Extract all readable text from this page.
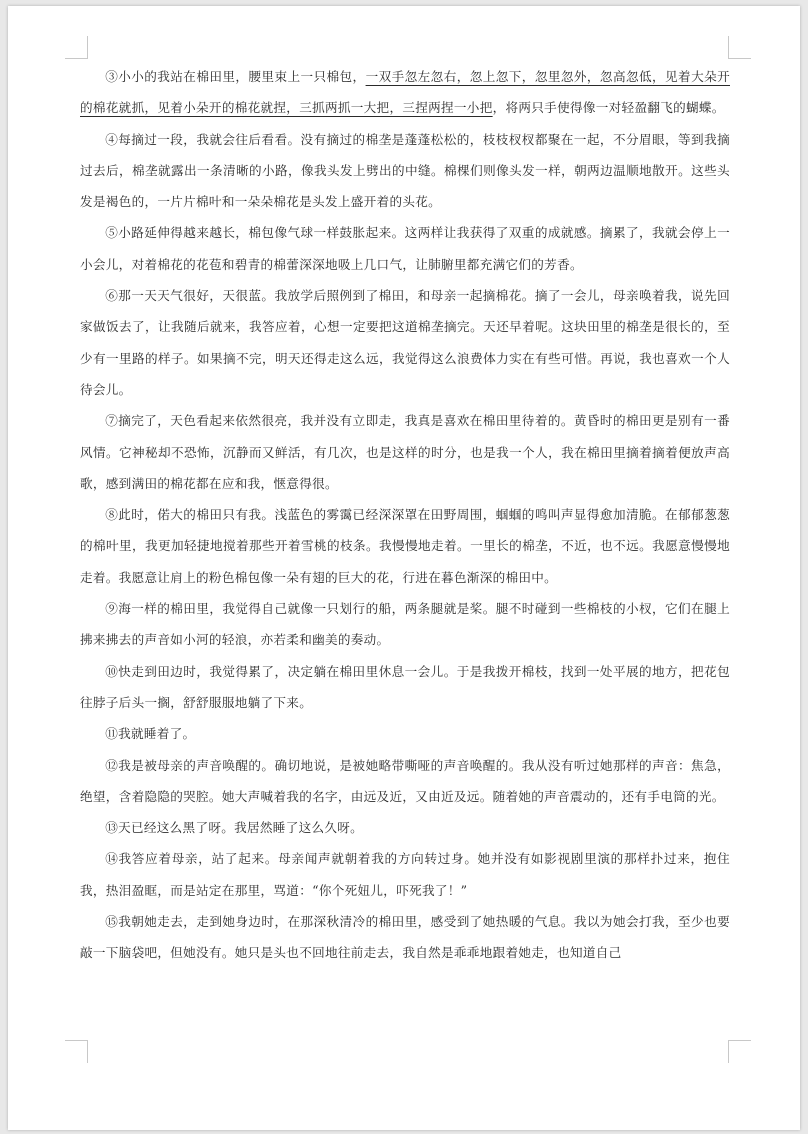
③小小的我站在棉田里，腰里束上一只棉包，一双手忽左忽右，忽上忽下，忽里忽外，忽高忽低，见着大朵开的棉花就抓，见着小朵开的棉花就捏，三抓两抓一大把，三捏两捏一小把，将两只手使得像一对轻盈翻飞的蝴蝶。

④每摘过一段，我就会往后看看。没有摘过的棉垄是蓬蓬松松的，枝枝杈杈都聚在一起，不分眉眼，等到我摘过去后，棉垄就露出一条清晰的小路，像我头发上劈出的中缝。棉棵们则像头发一样，朝两边温顺地散开。这些头发是褐色的，一片片棉叶和一朵朵棉花是头发上盛开着的头花。

⑤小路延伸得越来越长，棉包像气球一样鼓胀起来。这两样让我获得了双重的成就感。摘累了，我就会停上一小会儿，对着棉花的花苞和碧青的棉蕾深深地吸上几口气，让肺腑里都充满它们的芳香。

⑥那一天天气很好，天很蓝。我放学后照例到了棉田，和母亲一起摘棉花。摘了一会儿，母亲唤着我，说先回家做饭去了，让我随后就来，我答应着，心想一定要把这道棉垄摘完。天还早着呢。这块田里的棉垄是很长的，至少有一里路的样子。如果摘不完，明天还得走这么远，我觉得这么浪费体力实在有些可惜。再说，我也喜欢一个人待会儿。

⑦摘完了，天色看起来依然很亮，我并没有立即走，我真是喜欢在棉田里待着的。黄昏时的棉田更是别有一番风情。它神秘却不恐怖，沉静而又鲜活，有几次，也是这样的时分，也是我一个人，我在棉田里摘着摘着便放声高歌，感到满田的棉花都在应和我，惬意得很。

⑧此时，偌大的棉田只有我。浅蓝色的雾霭已经深深罩在田野周围，蝈蝈的鸣叫声显得愈加清脆。在郁郁葱葱的棉叶里，我更加轻捷地搅着那些开着雪桃的枝条。我慢慢地走着。一里长的棉垄，不近，也不远。我愿意慢慢地走着。我愿意让肩上的粉色棉包像一朵有翅的巨大的花，行进在暮色渐深的棉田中。

⑨海一样的棉田里，我觉得自己就像一只划行的船，两条腿就是桨。腿不时碰到一些棉枝的小杈，它们在腿上拂来拂去的声音如小河的轻浪，亦若柔和幽美的奏动。

⑩快走到田边时，我觉得累了，决定躺在棉田里休息一会儿。于是我拨开棉枝，找到一处平展的地方，把花包往脖子后头一搁，舒舒服服地躺了下来。

⑪我就睡着了。

⑫我是被母亲的声音唤醒的。确切地说，是被她略带嘶哑的声音唤醒的。我从没有听过她那样的声音：焦急，绝望，含着隐隐的哭腔。她大声喊着我的名字，由远及近，又由近及远。随着她的声音震动的，还有手电筒的光。

⑬天已经这么黑了呀。我居然睡了这么久呀。

⑭我答应着母亲，站了起来。母亲闻声就朝着我的方向转过身。她并没有如影视剧里演的那样扑过来，抱住我，热泪盈眶，而是站定在那里，骂道：“你个死妞儿，吓死我了！”

⑮我朝她走去，走到她身边时，在那深秋清冷的棉田里，感受到了她热暖的气息。我以为她会打我，至少也要敲一下脑袋吧，但她没有。她只是头也不回地往前走去，我自然是乖乖地跟着她走，也知道自己
